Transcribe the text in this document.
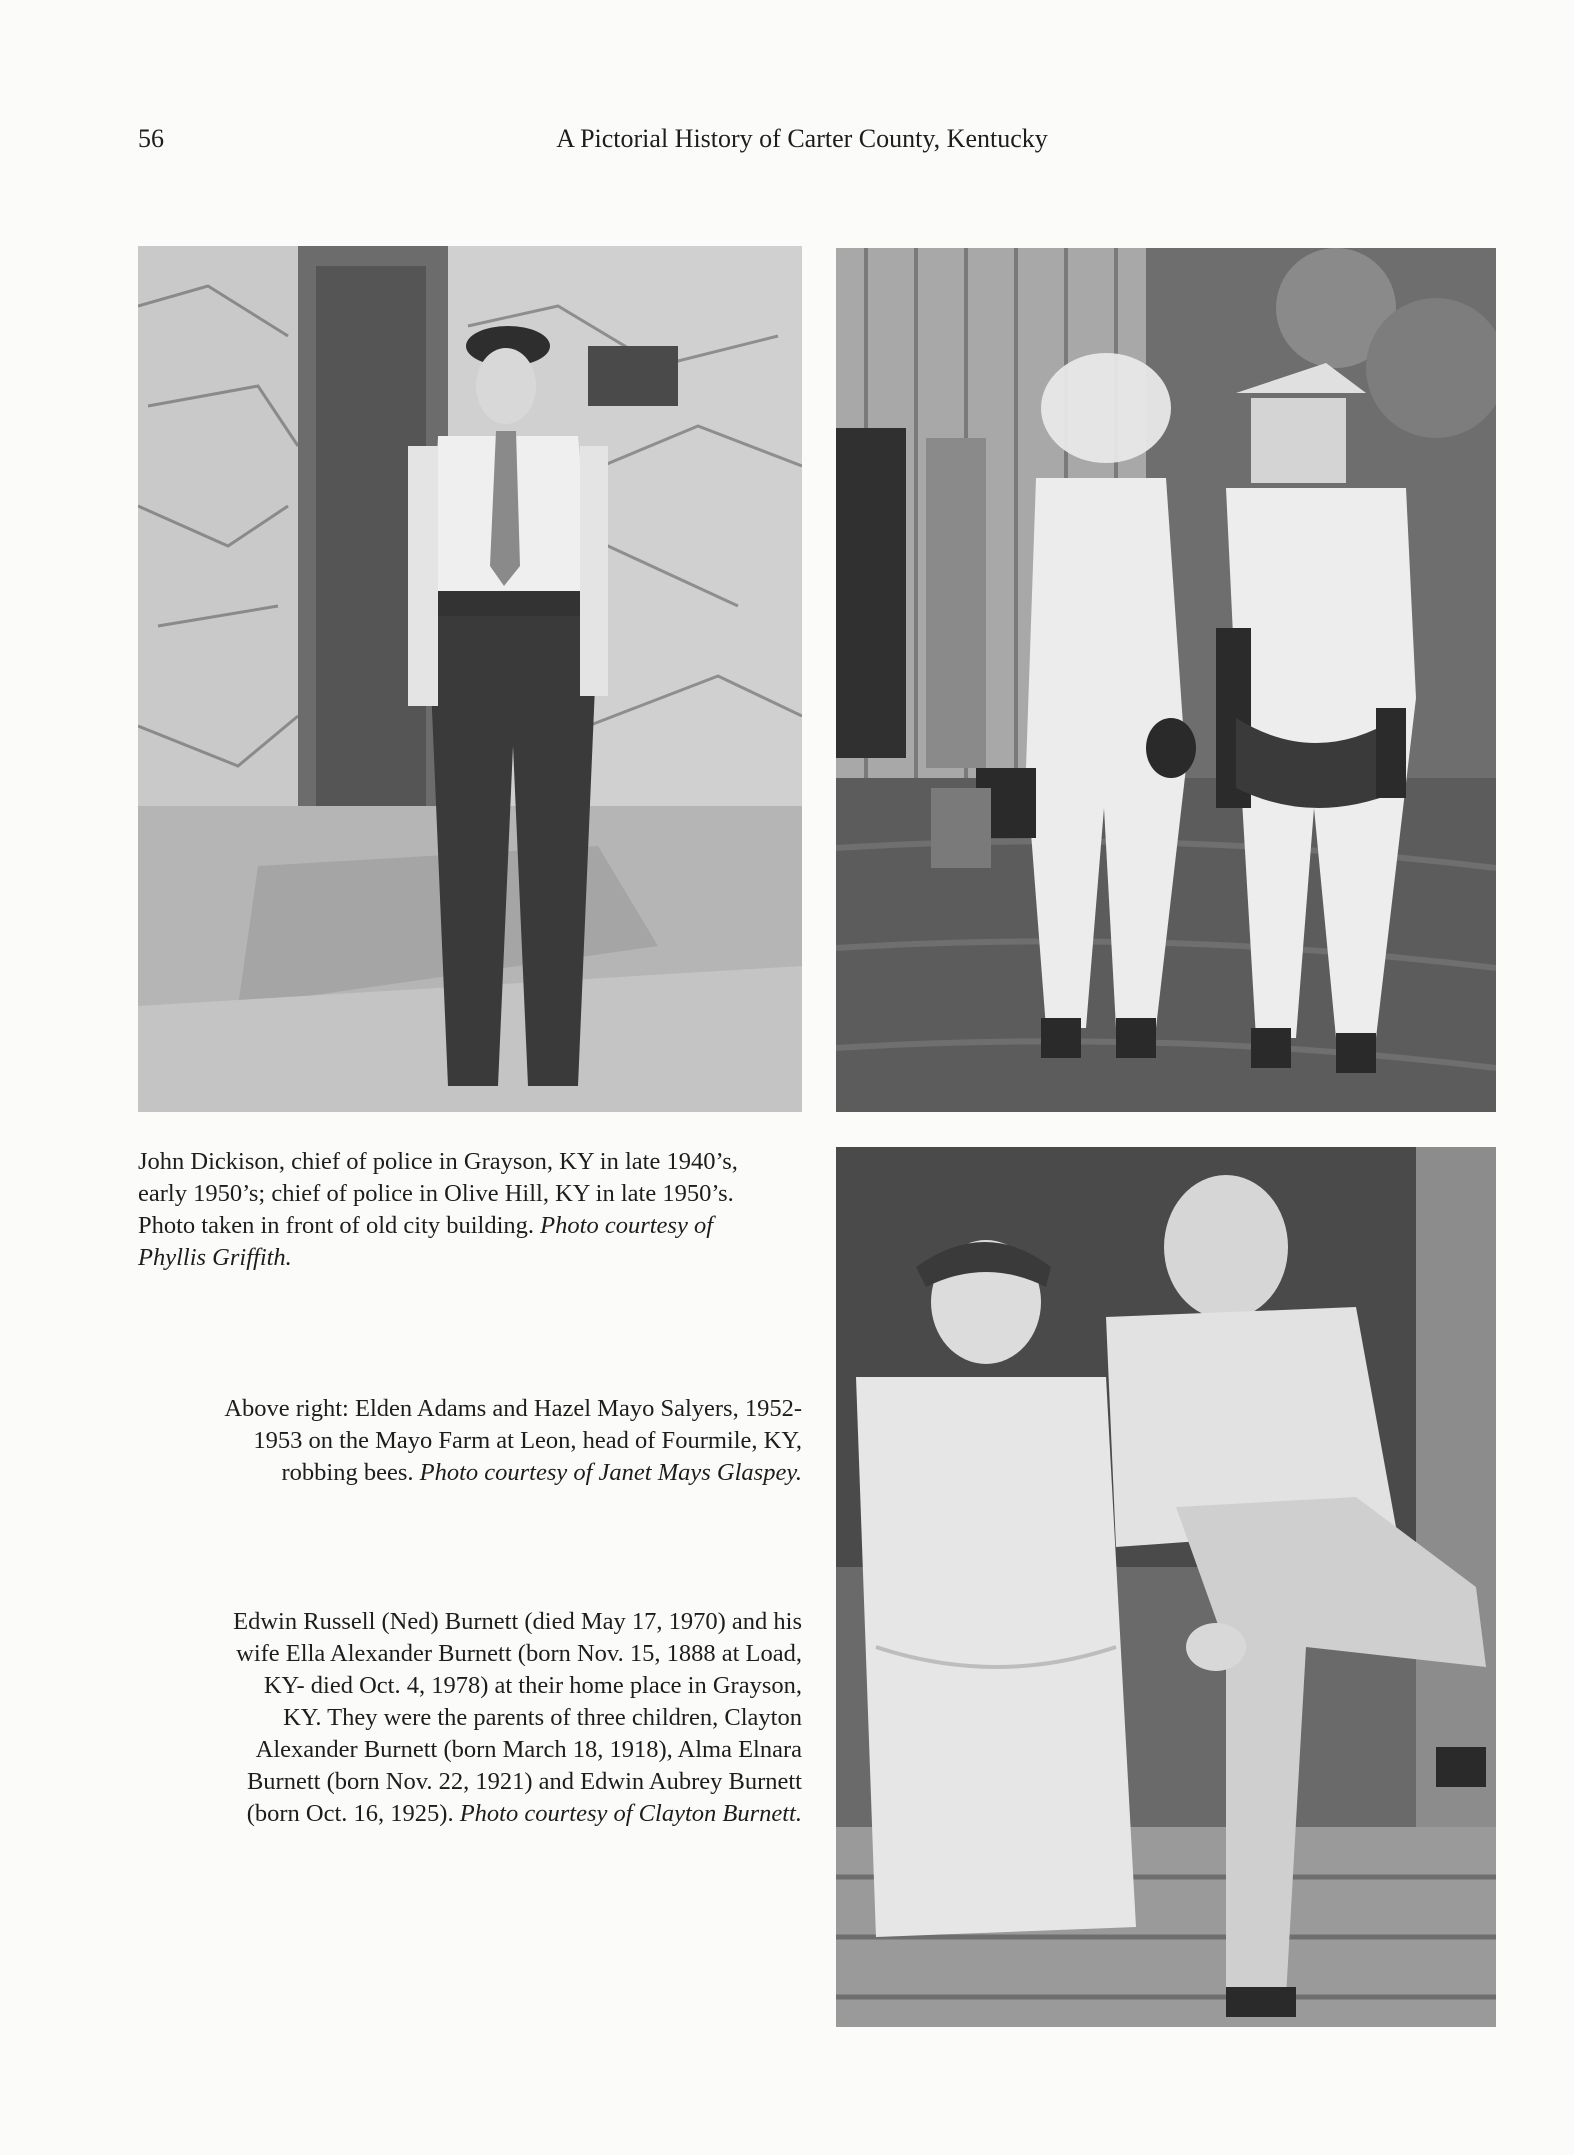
56	A Pictorial History of Carter County, Kentucky
John Dickison, chief of police in Grayson, KY in late 1940’s,
early 1950’s; chief of police in Olive Hill, KY in late 1950’s.
Photo taken in front of old city building. Photo courtesy of
Phyllis Griffith.
Above right: Elden Adams and Hazel Mayo Salyers, 1952-
1953 on the Mayo Farm at Leon, head of Fourmile, KY,
robbing bees. Photo courtesy of Janet Mays Glaspey.
Edwin Russell (Ned) Burnett (died May 17, 1970) and his
wife Ella Alexander Burnett (born Nov. 15, 1888 at Load,
KY- died Oct. 4, 1978) at their home place in Grayson,
KY. They were the parents of three children, Clayton
Alexander Burnett (born March 18, 1918), Alma Elnara
Burnett (born Nov. 22, 1921) and Edwin Aubrey Burnett
(born Oct. 16, 1925). Photo courtesy of Clayton Burnett.
